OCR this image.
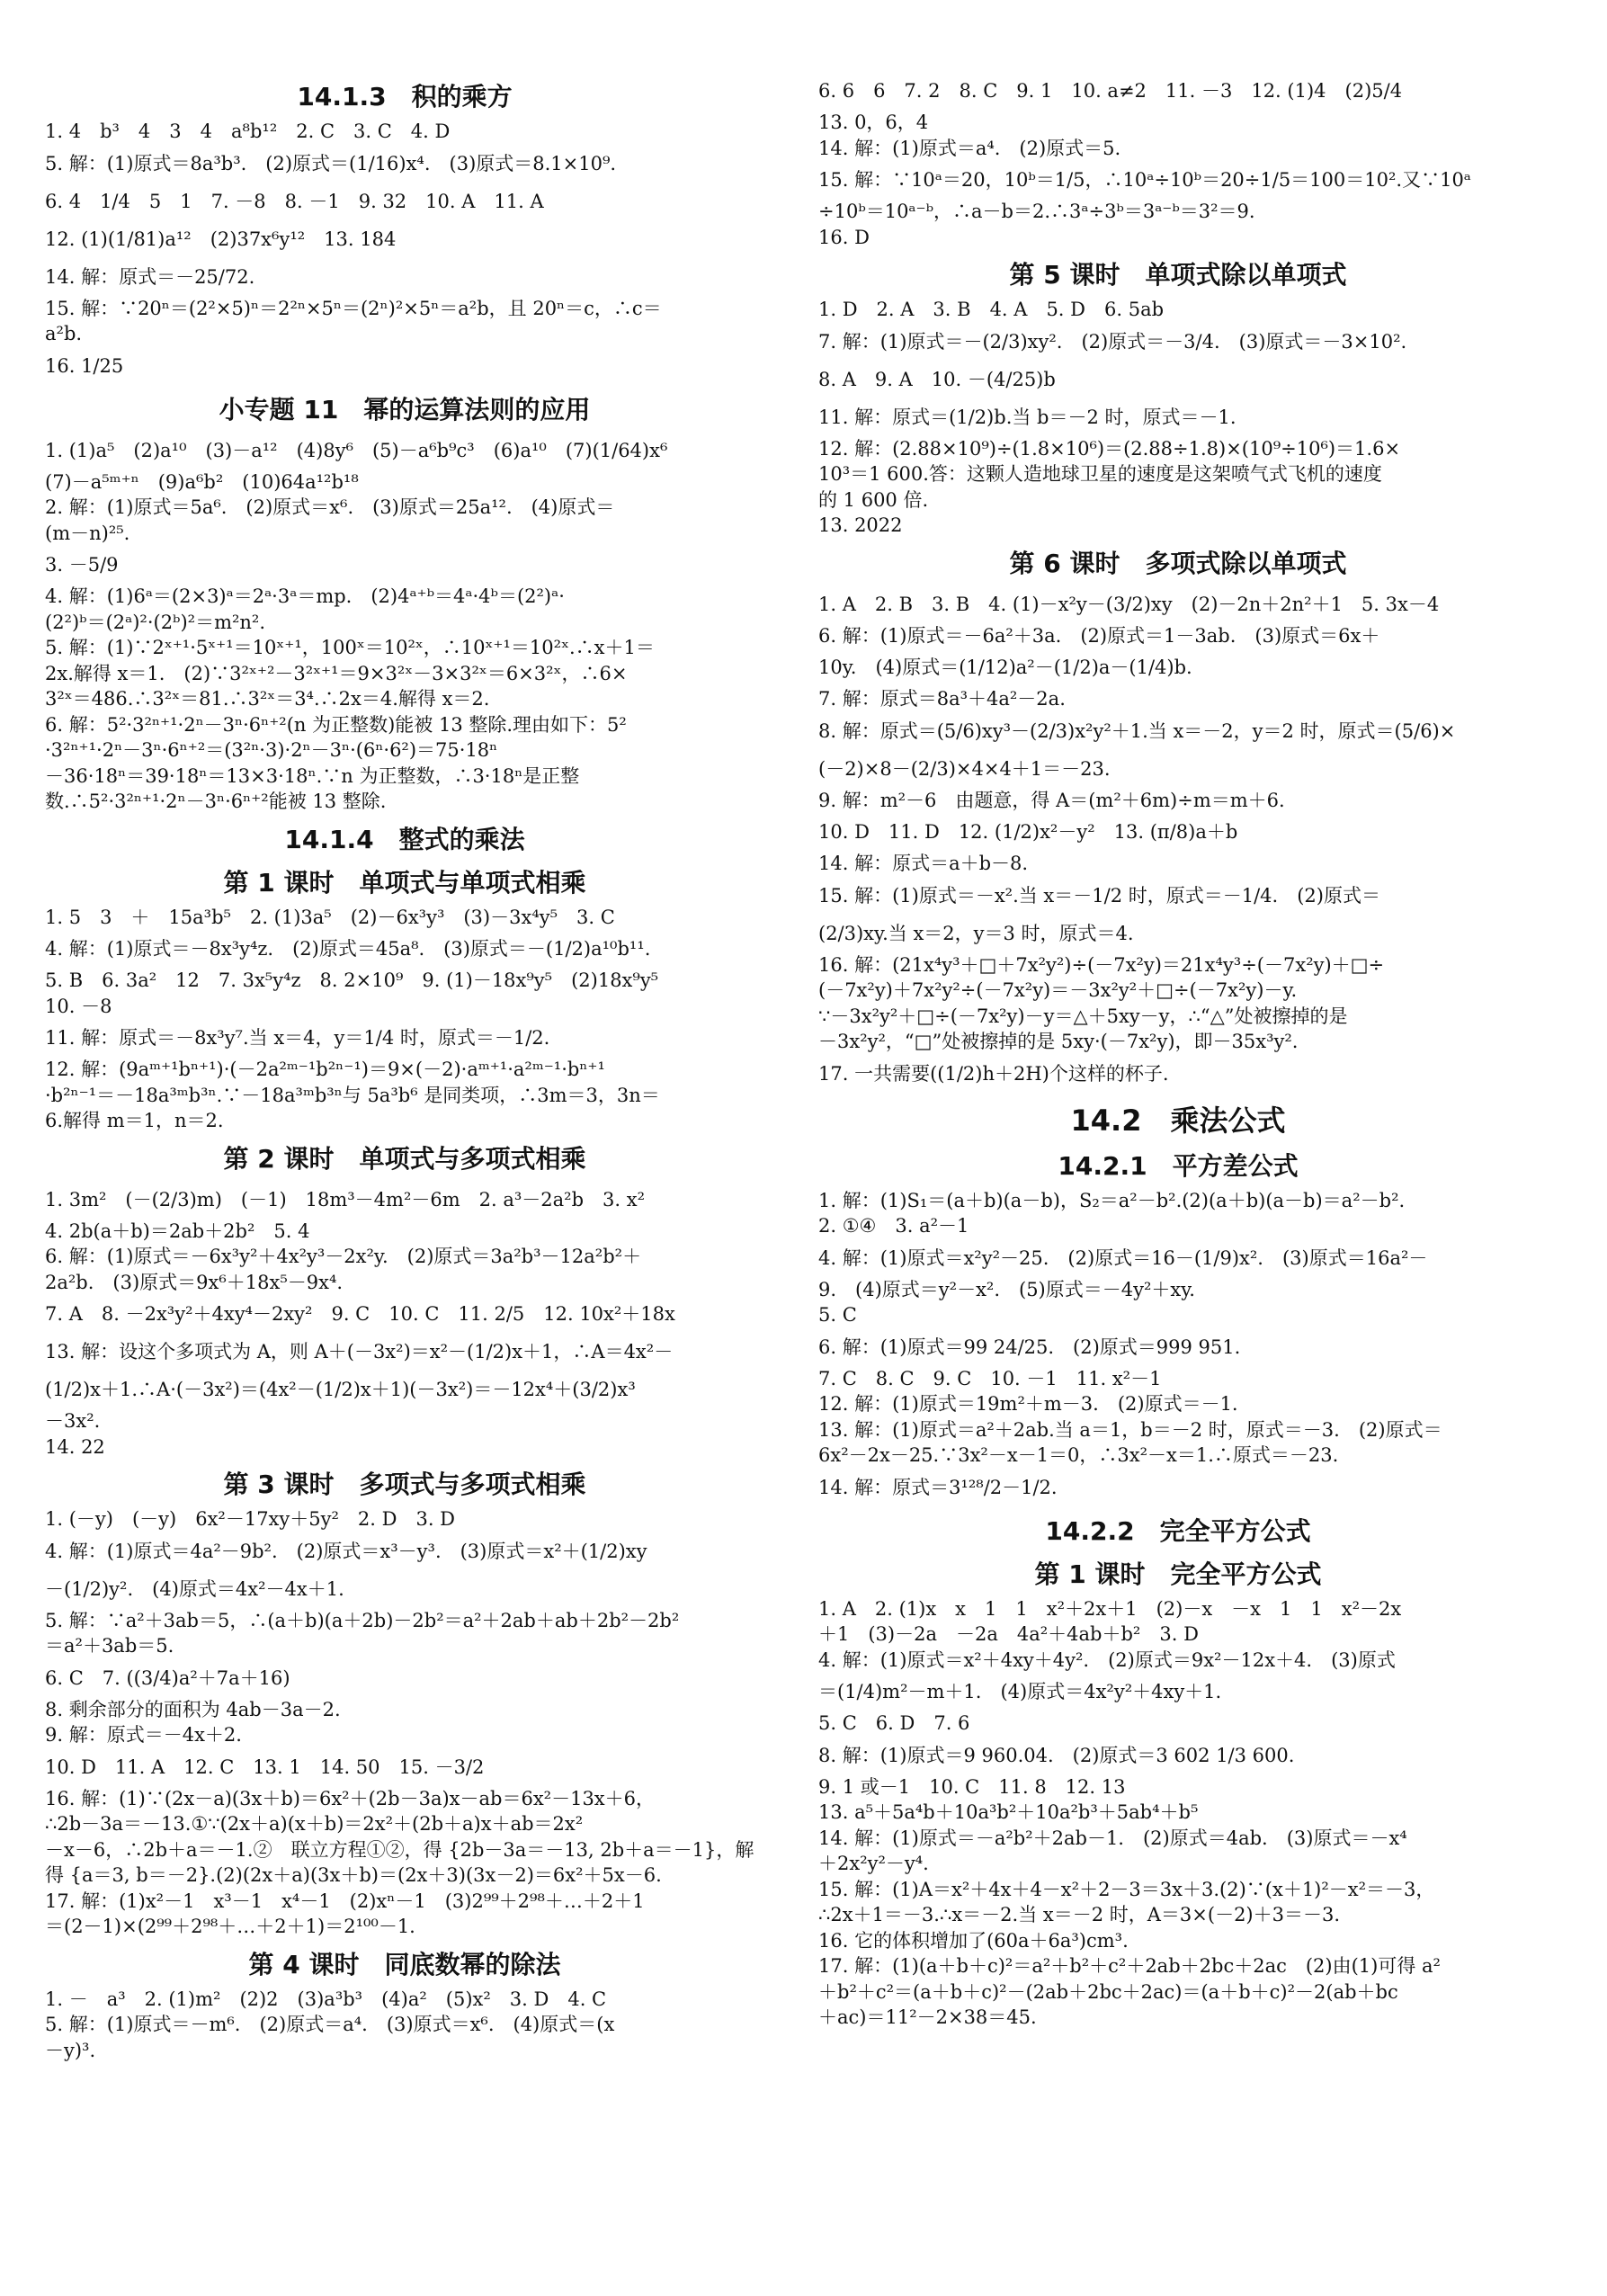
14.1.3　积的乘方
1. 4　b³　4　3　4　a⁸b¹²　2. C　3. C　4. D
5. 解：(1)原式＝8a³b³.　(2)原式＝(1/16)x⁴.　(3)原式＝8.1×10⁹.
6. 4　1/4　5　1　7. －8　8. －1　9. 32　10. A　11. A
12. (1)(1/81)a¹²　(2)37x⁶y¹²　13. 184
14. 解：原式＝－25/72.
15. 解：∵20ⁿ＝(2²×5)ⁿ＝2²ⁿ×5ⁿ＝(2ⁿ)²×5ⁿ＝a²b，且 20ⁿ＝c，∴c＝
a²b.
16. 1/25
小专题 11　幂的运算法则的应用
1. (1)a⁵　(2)a¹⁰　(3)－a¹²　(4)8y⁶　(5)－a⁶b⁹c³　(6)a¹⁰　(7)(1/64)x⁶
(7)－a⁵ᵐ⁺ⁿ　(9)a⁶b²　(10)64a¹²b¹⁸
2. 解：(1)原式＝5a⁶.　(2)原式＝x⁶.　(3)原式＝25a¹².　(4)原式＝
(m－n)²⁵.
3. －5/9
4. 解：(1)6ᵃ＝(2×3)ᵃ＝2ᵃ·3ᵃ＝mp.　(2)4ᵃ⁺ᵇ＝4ᵃ·4ᵇ＝(2²)ᵃ·
(2²)ᵇ＝(2ᵃ)²·(2ᵇ)²＝m²n².
5. 解：(1)∵2ˣ⁺¹·5ˣ⁺¹＝10ˣ⁺¹，100ˣ＝10²ˣ，∴10ˣ⁺¹＝10²ˣ.∴x＋1＝
2x.解得 x＝1.　(2)∵3²ˣ⁺²－3²ˣ⁺¹＝9×3²ˣ－3×3²ˣ＝6×3²ˣ，∴6×
3²ˣ＝486.∴3²ˣ＝81.∴3²ˣ＝3⁴.∴2x＝4.解得 x＝2.
6. 解：5²·3²ⁿ⁺¹·2ⁿ－3ⁿ·6ⁿ⁺²(n 为正整数)能被 13 整除.理由如下：5²
·3²ⁿ⁺¹·2ⁿ－3ⁿ·6ⁿ⁺²＝(3²ⁿ·3)·2ⁿ－3ⁿ·(6ⁿ·6²)＝75·18ⁿ
－36·18ⁿ＝39·18ⁿ＝13×3·18ⁿ.∵n 为正整数，∴3·18ⁿ是正整
数.∴5²·3²ⁿ⁺¹·2ⁿ－3ⁿ·6ⁿ⁺²能被 13 整除.
14.1.4　整式的乘法
第 1 课时　单项式与单项式相乘
1. 5　3　＋　15a³b⁵　2. (1)3a⁵　(2)－6x³y³　(3)－3x⁴y⁵　3. C
4. 解：(1)原式＝－8x³y⁴z.　(2)原式＝45a⁸.　(3)原式＝－(1/2)a¹⁰b¹¹.
5. B　6. 3a²　12　7. 3x⁵y⁴z　8. 2×10⁹　9. (1)－18x⁹y⁵　(2)18x⁹y⁵
10. －8
11. 解：原式＝－8x³y⁷.当 x＝4，y＝1/4 时，原式＝－1/2.
12. 解：(9aᵐ⁺¹bⁿ⁺¹)·(－2a²ᵐ⁻¹b²ⁿ⁻¹)＝9×(－2)·aᵐ⁺¹·a²ᵐ⁻¹·bⁿ⁺¹
·b²ⁿ⁻¹＝－18a³ᵐb³ⁿ.∵－18a³ᵐb³ⁿ与 5a³b⁶ 是同类项，∴3m＝3，3n＝
6.解得 m＝1，n＝2.
第 2 课时　单项式与多项式相乘
1. 3m²　(－(2/3)m)　(－1)　18m³－4m²－6m　2. a³－2a²b　3. x²
4. 2b(a＋b)＝2ab＋2b²　5. 4
6. 解：(1)原式＝－6x³y²＋4x²y³－2x²y.　(2)原式＝3a²b³－12a²b²＋
2a²b.　(3)原式＝9x⁶＋18x⁵－9x⁴.
7. A　8. －2x³y²＋4xy⁴－2xy²　9. C　10. C　11. 2/5　12. 10x²＋18x
13. 解：设这个多项式为 A，则 A＋(－3x²)＝x²－(1/2)x＋1，∴A＝4x²－
(1/2)x＋1.∴A·(－3x²)＝(4x²－(1/2)x＋1)(－3x²)＝－12x⁴＋(3/2)x³
－3x².
14. 22
第 3 课时　多项式与多项式相乘
1. (－y)　(－y)　6x²－17xy＋5y²　2. D　3. D
4. 解：(1)原式＝4a²－9b².　(2)原式＝x³－y³.　(3)原式＝x²＋(1/2)xy
－(1/2)y².　(4)原式＝4x²－4x＋1.
5. 解：∵a²＋3ab＝5，∴(a＋b)(a＋2b)－2b²＝a²＋2ab＋ab＋2b²－2b²
＝a²＋3ab＝5.
6. C　7. ((3/4)a²＋7a＋16)
8. 剩余部分的面积为 4ab－3a－2.
9. 解：原式＝－4x＋2.
10. D　11. A　12. C　13. 1　14. 50　15. －3/2
16. 解：(1)∵(2x－a)(3x＋b)＝6x²＋(2b－3a)x－ab＝6x²－13x＋6，
∴2b－3a＝－13.①∵(2x＋a)(x＋b)＝2x²＋(2b＋a)x＋ab＝2x²
－x－6，∴2b＋a＝－1.②　联立方程①②，得 {2b－3a＝－13, 2b＋a＝－1}，解
得 {a＝3, b＝－2}.(2)(2x＋a)(3x＋b)＝(2x＋3)(3x－2)＝6x²＋5x－6.
17. 解：(1)x²－1　x³－1　x⁴－1　(2)xⁿ－1　(3)2⁹⁹＋2⁹⁸＋…＋2＋1
＝(2－1)×(2⁹⁹＋2⁹⁸＋…＋2＋1)＝2¹⁰⁰－1.
第 4 课时　同底数幂的除法
1. －　a³　2. (1)m²　(2)2　(3)a³b³　(4)a²　(5)x²　3. D　4. C
5. 解：(1)原式＝－m⁶.　(2)原式＝a⁴.　(3)原式＝x⁶.　(4)原式＝(x
－y)³.
6. 6　6　7. 2　8. C　9. 1　10. a≠2　11. －3　12. (1)4　(2)5/4
13. 0，6，4
14. 解：(1)原式＝a⁴.　(2)原式＝5.
15. 解：∵10ᵃ＝20，10ᵇ＝1/5，∴10ᵃ÷10ᵇ＝20÷1/5＝100＝10².又∵10ᵃ
÷10ᵇ＝10ᵃ⁻ᵇ，∴a－b＝2.∴3ᵃ÷3ᵇ＝3ᵃ⁻ᵇ＝3²＝9.
16. D
第 5 课时　单项式除以单项式
1. D　2. A　3. B　4. A　5. D　6. 5ab
7. 解：(1)原式＝－(2/3)xy².　(2)原式＝－3/4.　(3)原式＝－3×10².
8. A　9. A　10. －(4/25)b
11. 解：原式＝(1/2)b.当 b＝－2 时，原式＝－1.
12. 解：(2.88×10⁹)÷(1.8×10⁶)＝(2.88÷1.8)×(10⁹÷10⁶)＝1.6×
10³＝1 600.答：这颗人造地球卫星的速度是这架喷气式飞机的速度
的 1 600 倍.
13. 2022
第 6 课时　多项式除以单项式
1. A　2. B　3. B　4. (1)－x²y－(3/2)xy　(2)－2n＋2n²＋1　5. 3x－4
6. 解：(1)原式＝－6a²＋3a.　(2)原式＝1－3ab.　(3)原式＝6x＋
10y.　(4)原式＝(1/12)a²－(1/2)a－(1/4)b.
7. 解：原式＝8a³＋4a²－2a.
8. 解：原式＝(5/6)xy³－(2/3)x²y²＋1.当 x＝－2，y＝2 时，原式＝(5/6)×
(－2)×8－(2/3)×4×4＋1＝－23.
9. 解：m²－6　由题意，得 A＝(m²＋6m)÷m＝m＋6.
10. D　11. D　12. (1/2)x²－y²　13. (π/8)a＋b
14. 解：原式＝a＋b－8.
15. 解：(1)原式＝－x².当 x＝－1/2 时，原式＝－1/4.　(2)原式＝
(2/3)xy.当 x＝2，y＝3 时，原式＝4.
16. 解：(21x⁴y³＋□＋7x²y²)÷(－7x²y)＝21x⁴y³÷(－7x²y)＋□÷
(－7x²y)＋7x²y²÷(－7x²y)＝－3x²y²＋□÷(－7x²y)－y.
∵－3x²y²＋□÷(－7x²y)－y＝△＋5xy－y，∴“△”处被擦掉的是
－3x²y²，“□”处被擦掉的是 5xy·(－7x²y)，即－35x³y².
17. 一共需要((1/2)h＋2H)个这样的杯子.
14.2　乘法公式
14.2.1　平方差公式
1. 解：(1)S₁＝(a＋b)(a－b)，S₂＝a²－b².(2)(a＋b)(a－b)＝a²－b².
2. ①④　3. a²－1
4. 解：(1)原式＝x²y²－25.　(2)原式＝16－(1/9)x².　(3)原式＝16a²－
9.　(4)原式＝y²－x².　(5)原式＝－4y²＋xy.
5. C
6. 解：(1)原式＝99 24/25.　(2)原式＝999 951.
7. C　8. C　9. C　10. －1　11. x²－1
12. 解：(1)原式＝19m²＋m－3.　(2)原式＝－1.
13. 解：(1)原式＝a²＋2ab.当 a＝1，b＝－2 时，原式＝－3.　(2)原式＝
6x²－2x－25.∵3x²－x－1＝0，∴3x²－x＝1.∴原式＝－23.
14. 解：原式＝3¹²⁸/2－1/2.
14.2.2　完全平方公式
第 1 课时　完全平方公式
1. A　2. (1)x　x　1　1　x²＋2x＋1　(2)－x　－x　1　1　x²－2x
＋1　(3)－2a　－2a　4a²＋4ab＋b²　3. D
4. 解：(1)原式＝x²＋4xy＋4y².　(2)原式＝9x²－12x＋4.　(3)原式
＝(1/4)m²－m＋1.　(4)原式＝4x²y²＋4xy＋1.
5. C　6. D　7. 6
8. 解：(1)原式＝9 960.04.　(2)原式＝3 602 1/3 600.
9. 1 或－1　10. C　11. 8　12. 13
13. a⁵＋5a⁴b＋10a³b²＋10a²b³＋5ab⁴＋b⁵
14. 解：(1)原式＝－a²b²＋2ab－1.　(2)原式＝4ab.　(3)原式＝－x⁴
＋2x²y²－y⁴.
15. 解：(1)A＝x²＋4x＋4－x²＋2－3＝3x＋3.(2)∵(x＋1)²－x²＝－3，
∴2x＋1＝－3.∴x＝－2.当 x＝－2 时，A＝3×(－2)＋3＝－3.
16. 它的体积增加了(60a＋6a³)cm³.
17. 解：(1)(a＋b＋c)²＝a²＋b²＋c²＋2ab＋2bc＋2ac　(2)由(1)可得 a²
＋b²＋c²＝(a＋b＋c)²－(2ab＋2bc＋2ac)＝(a＋b＋c)²－2(ab＋bc
＋ac)＝11²－2×38＝45.
